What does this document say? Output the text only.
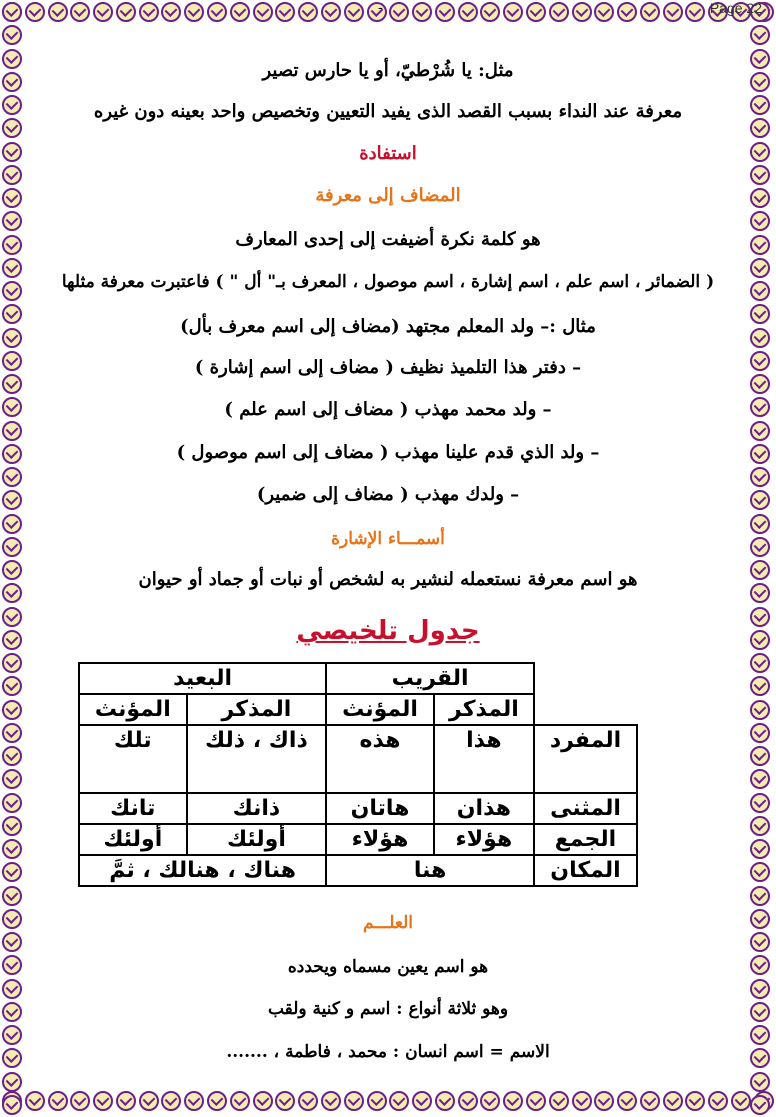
Page 22
-
مثل: يا شُرْطيّ، أو يا حارس تصير
معرفة عند النداء بسبب القصد الذى يفيد التعيين وتخصيص واحد بعينه دون غيره
استفادة
المضاف إلى معرفة
هو كلمة نكرة أضيفت إلى إحدى المعارف
( الضمائر ، اسم علم ، اسم إشارة ، اسم موصول ، المعرف بـ" أل " ) فاعتبرت معرفة مثلها
مثال :– ولد المعلم مجتهد (مضاف إلى اسم معرف بأل)
– دفتر هذا التلميذ نظيف ( مضاف إلى اسم إشارة )
– ولد محمد مهذب ( مضاف إلى اسم علم )
– ولد الذي قدم علينا مهذب ( مضاف إلى اسم موصول )
– ولدك مهذب ( مضاف إلى ضمير)
أسمـــاء الإشارة
هو اسم معرفة نستعمله لنشير به لشخص أو نبات أو جماد أو حيوان
جدول تلخيصي
العلـــم
هو اسم يعين مسماه ويحدده
وهو ثلاثة أنواع : اسم و كنية ولقب
الاسم = اسم انسان : محمد ، فاطمة ، .......
	القريب		البعيد	
	المذكر	المؤنث	المذكر	المؤنث
المفرد	هذا	هذه	ذاك ، ذلك	تلك
المثنى	هذان	هاتان	ذانك	تانك
الجمع	هؤلاء	هؤلاء	أولئك	أولئك
المكان	هنا		هناك ، هنالك ، ثمَّ	
